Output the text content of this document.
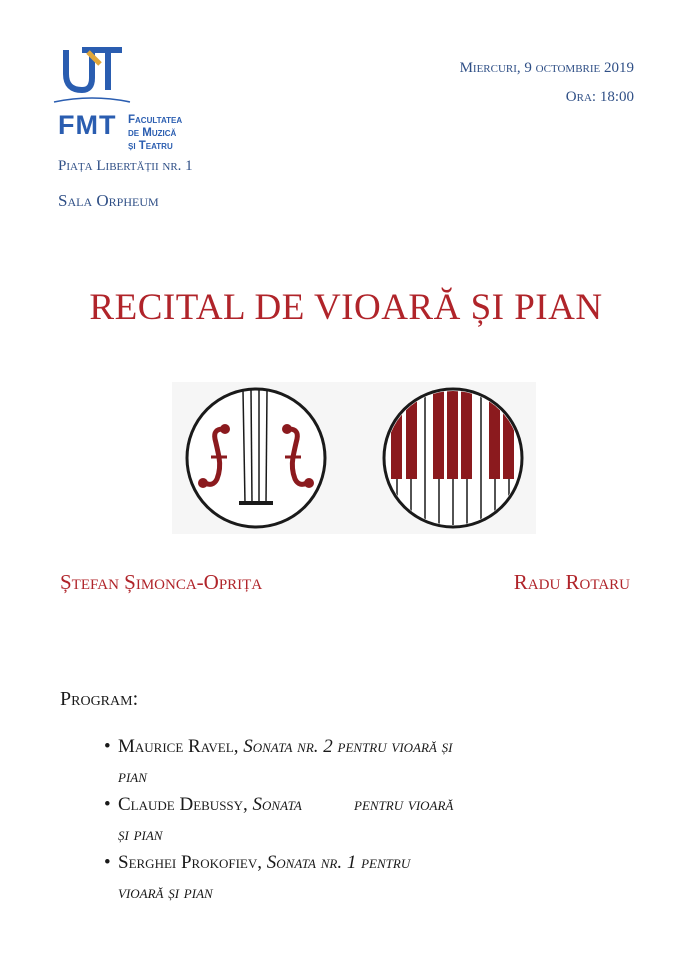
FMT Facultatea
de Muzică
și Teatru
Piața Libertății nr. 1
Sala Orpheum
Miercuri, 9 octombrie 2019
Ora: 18:00
RECITAL DE VIOARĂ ȘI PIAN
Ștefan Șimonca-Oprița	Radu Rotaru
Program:
• Maurice Ravel, Sonata nr. 2 pentru vioară și
pian
• Claude Debussy, Sonata           pentru vioară
și pian
• Serghei Prokofiev, Sonata nr. 1 pentru
vioară și pian
